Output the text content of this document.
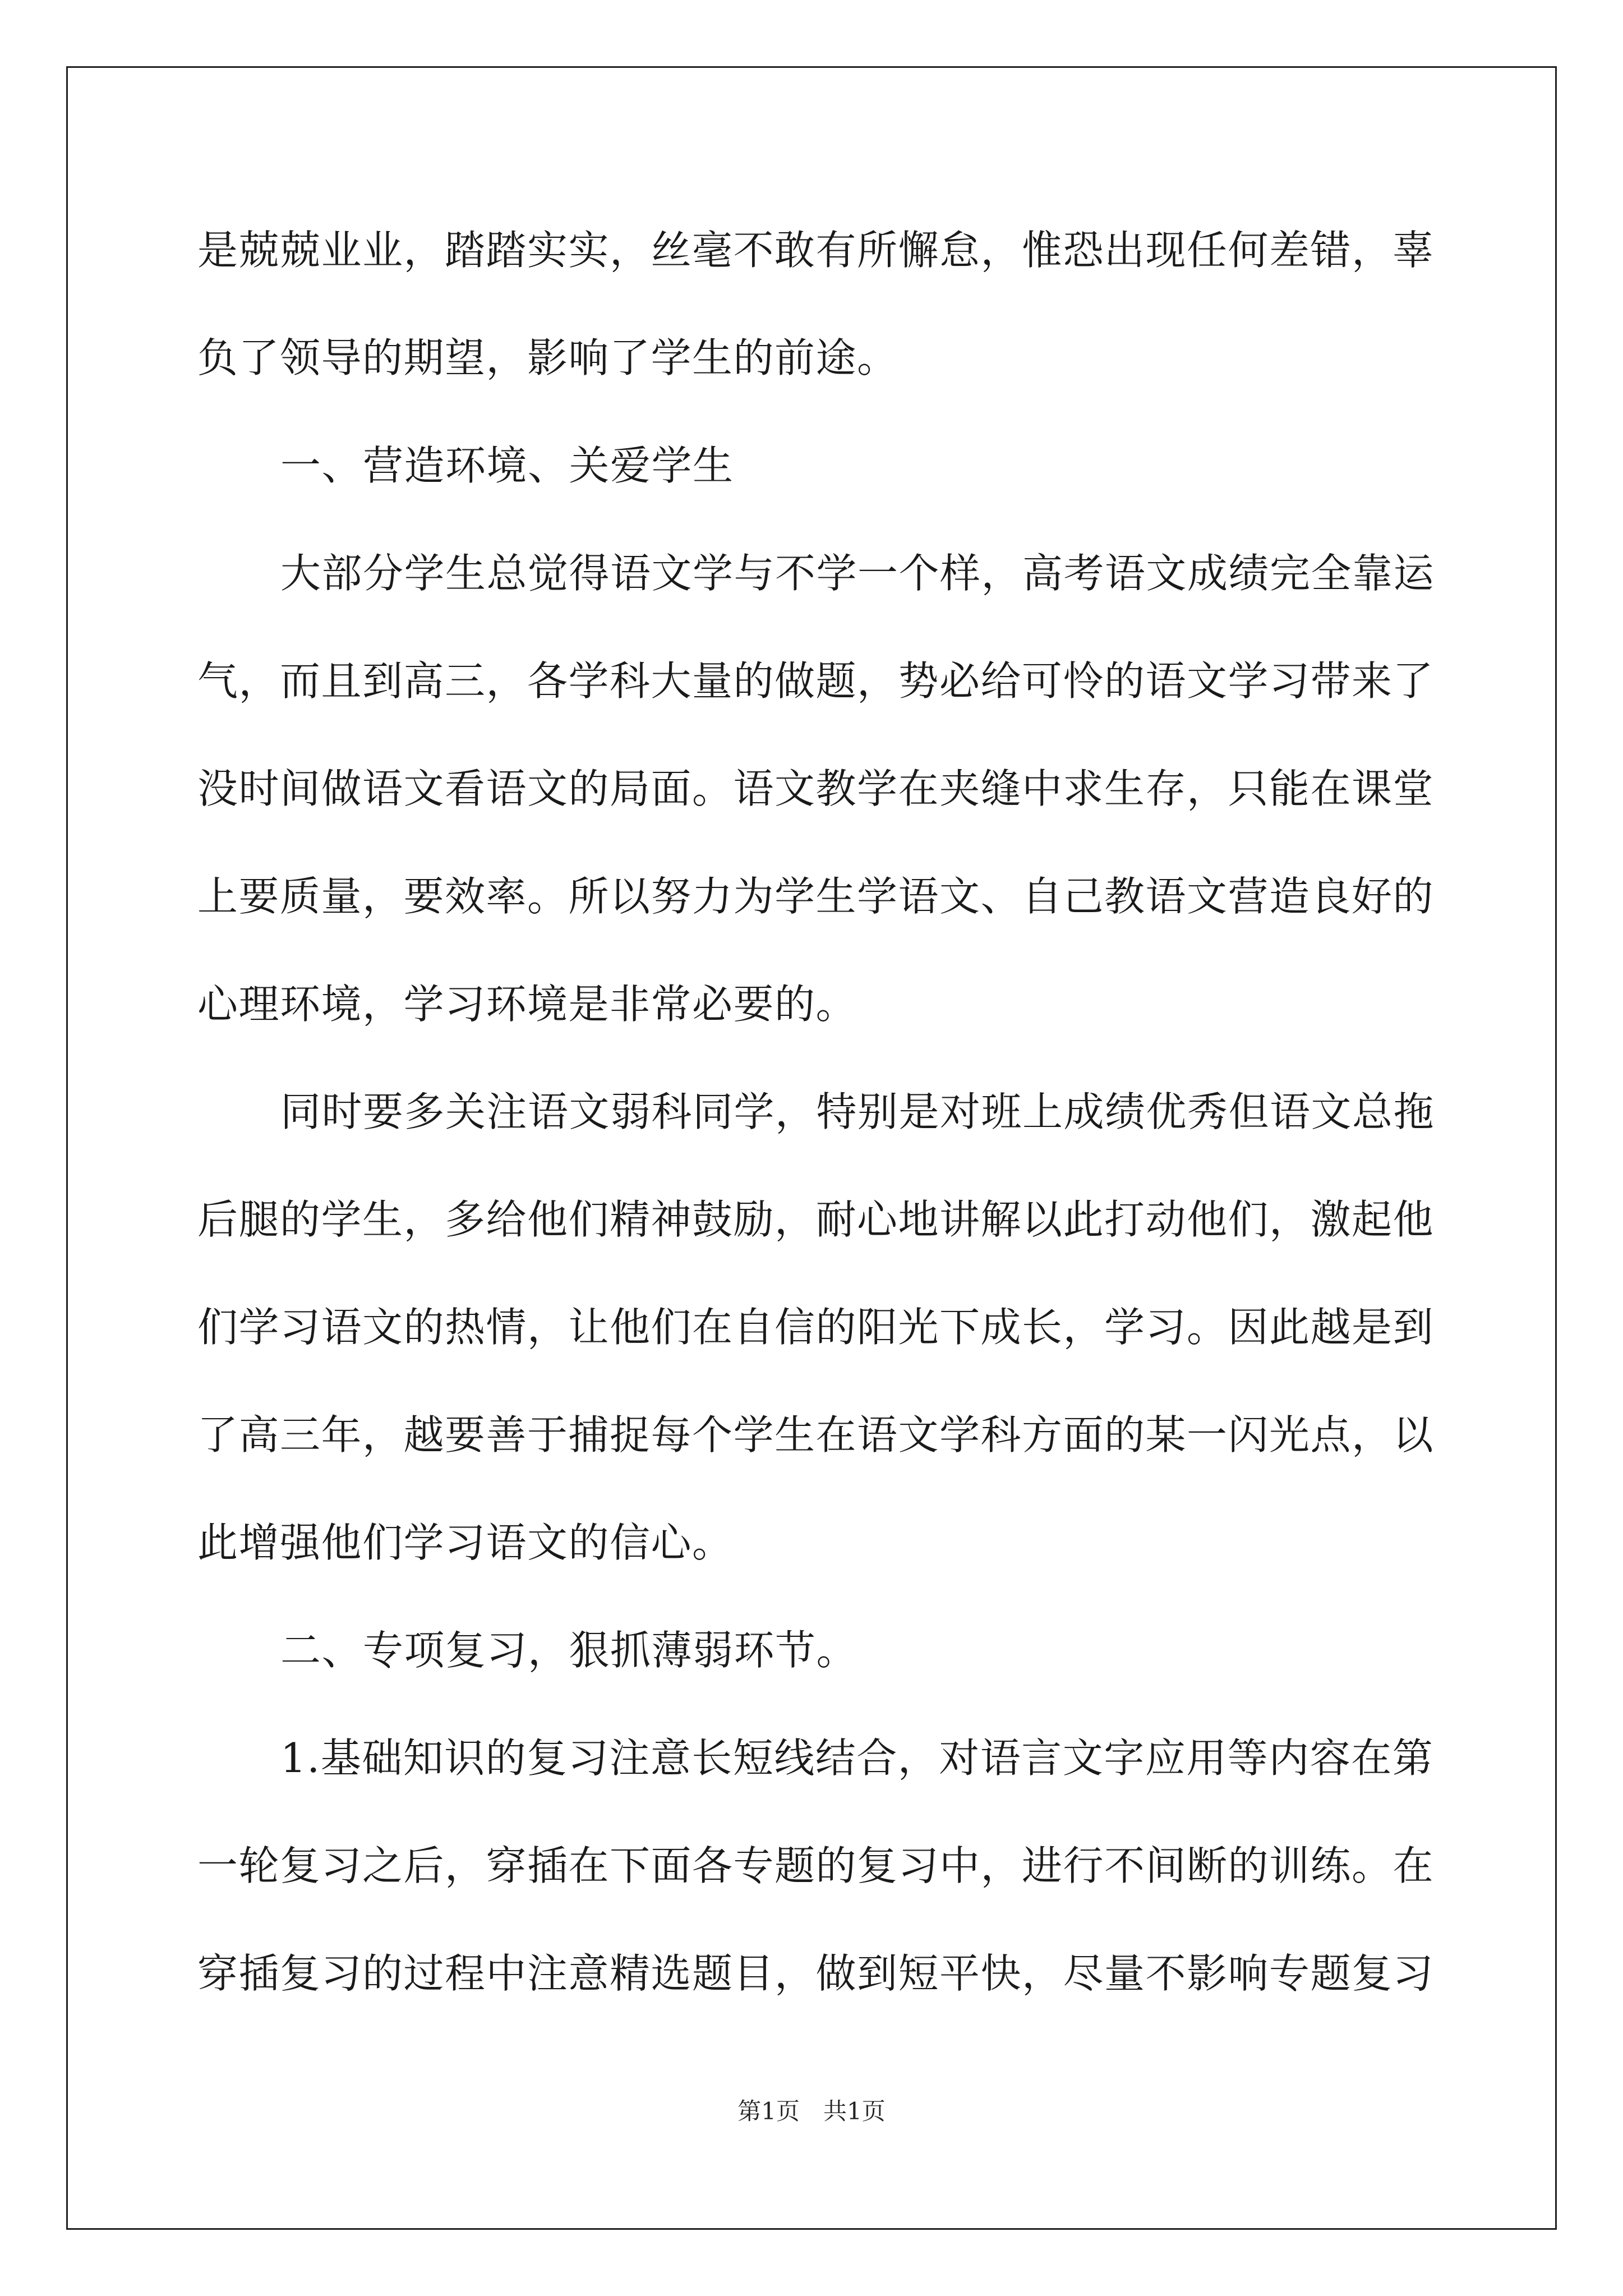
是兢兢业业，踏踏实实，丝毫不敢有所懈怠，惟恐出现任何差错，辜
负了领导的期望，影响了学生的前途。
一、营造环境、关爱学生
大部分学生总觉得语文学与不学一个样，高考语文成绩完全靠运
气，而且到高三，各学科大量的做题，势必给可怜的语文学习带来了
没时间做语文看语文的局面。语文教学在夹缝中求生存，只能在课堂
上要质量，要效率。所以努力为学生学语文、自己教语文营造良好的
心理环境，学习环境是非常必要的。
同时要多关注语文弱科同学，特别是对班上成绩优秀但语文总拖
后腿的学生，多给他们精神鼓励，耐心地讲解以此打动他们，激起他
们学习语文的热情，让他们在自信的阳光下成长，学习。因此越是到
了高三年，越要善于捕捉每个学生在语文学科方面的某一闪光点，以
此增强他们学习语文的信心。
二、专项复习，狠抓薄弱环节。
1.基础知识的复习注意长短线结合，对语言文字应用等内容在第
一轮复习之后，穿插在下面各专题的复习中，进行不间断的训练。在
穿插复习的过程中注意精选题目，做到短平快，尽量不影响专题复习
第1页　共1页
